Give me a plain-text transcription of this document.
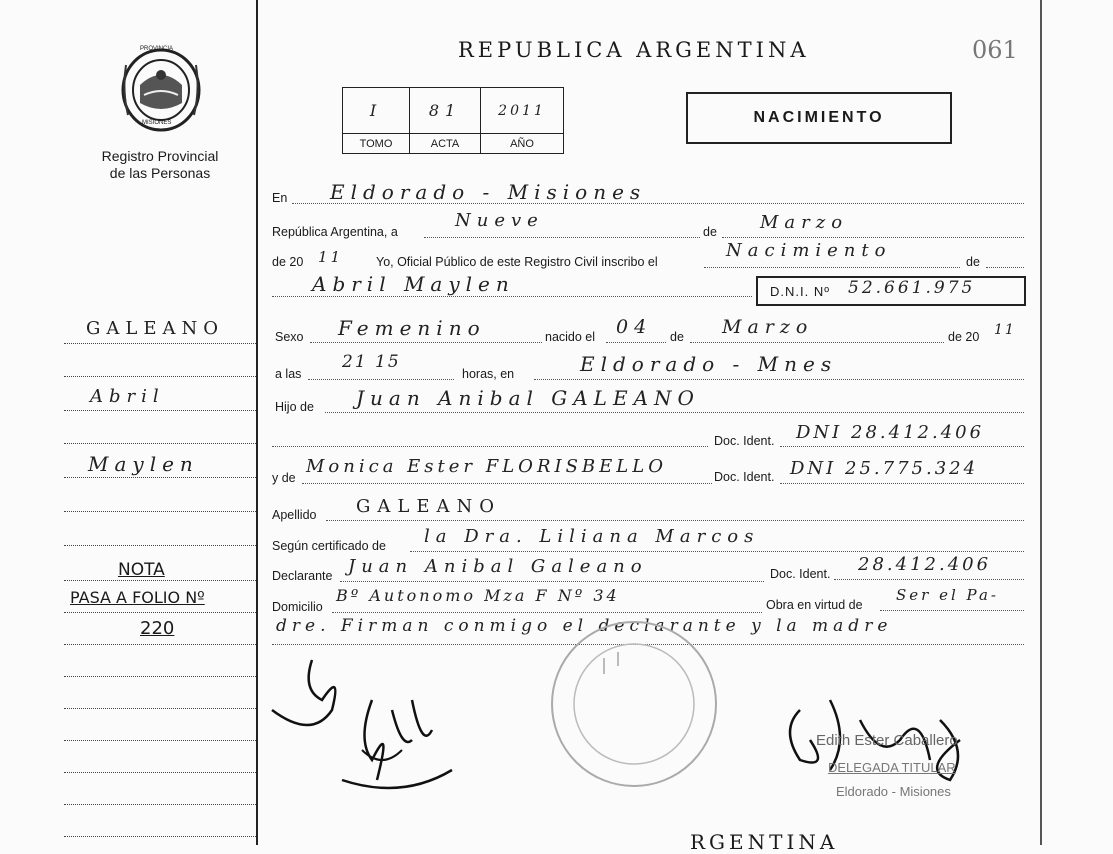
PROVINCIA
MISIONES
Registro Provincial
de las Personas
REPUBLICA ARGENTINA	061
I	81	2011
TOMO	ACTA	AÑO
NACIMIENTO
GALEANO
Abril
Maylen
NOTA
PASA A FOLIO Nº
220
En Eldorado - Misiones
República Argentina, a
Nueve
de Marzo
de 20 11	Yo, Oficial Público de este Registro Civil inscribo el
Nacimiento
de
Abril Maylen	D.N.I. Nº 52.661.975
Sexo Femenino	nacido el 04 de Marzo	de 20 11
a las
21 15
horas, en	Eldorado - Mnes
Hijo de Juan Anibal GALEANO
Doc. Ident. DNI 28.412.406
y de
Monica Ester FLORISBELLO	Doc. Ident. DNI 25.775.324
Apellido GALEANO
Según certificado de la Dra. Liliana Marcos
Declarante Juan Anibal Galeano	Doc. Ident. 28.412.406
Domicilio
Bº Autonomo Mza F Nº 34	Obra en virtud de
Ser el Pa-
dre. Firman conmigo el declarante y la madre
Edith Ester Caballero
DELEGADA TITULAR
Eldorado - Misiones
RGENTINA
